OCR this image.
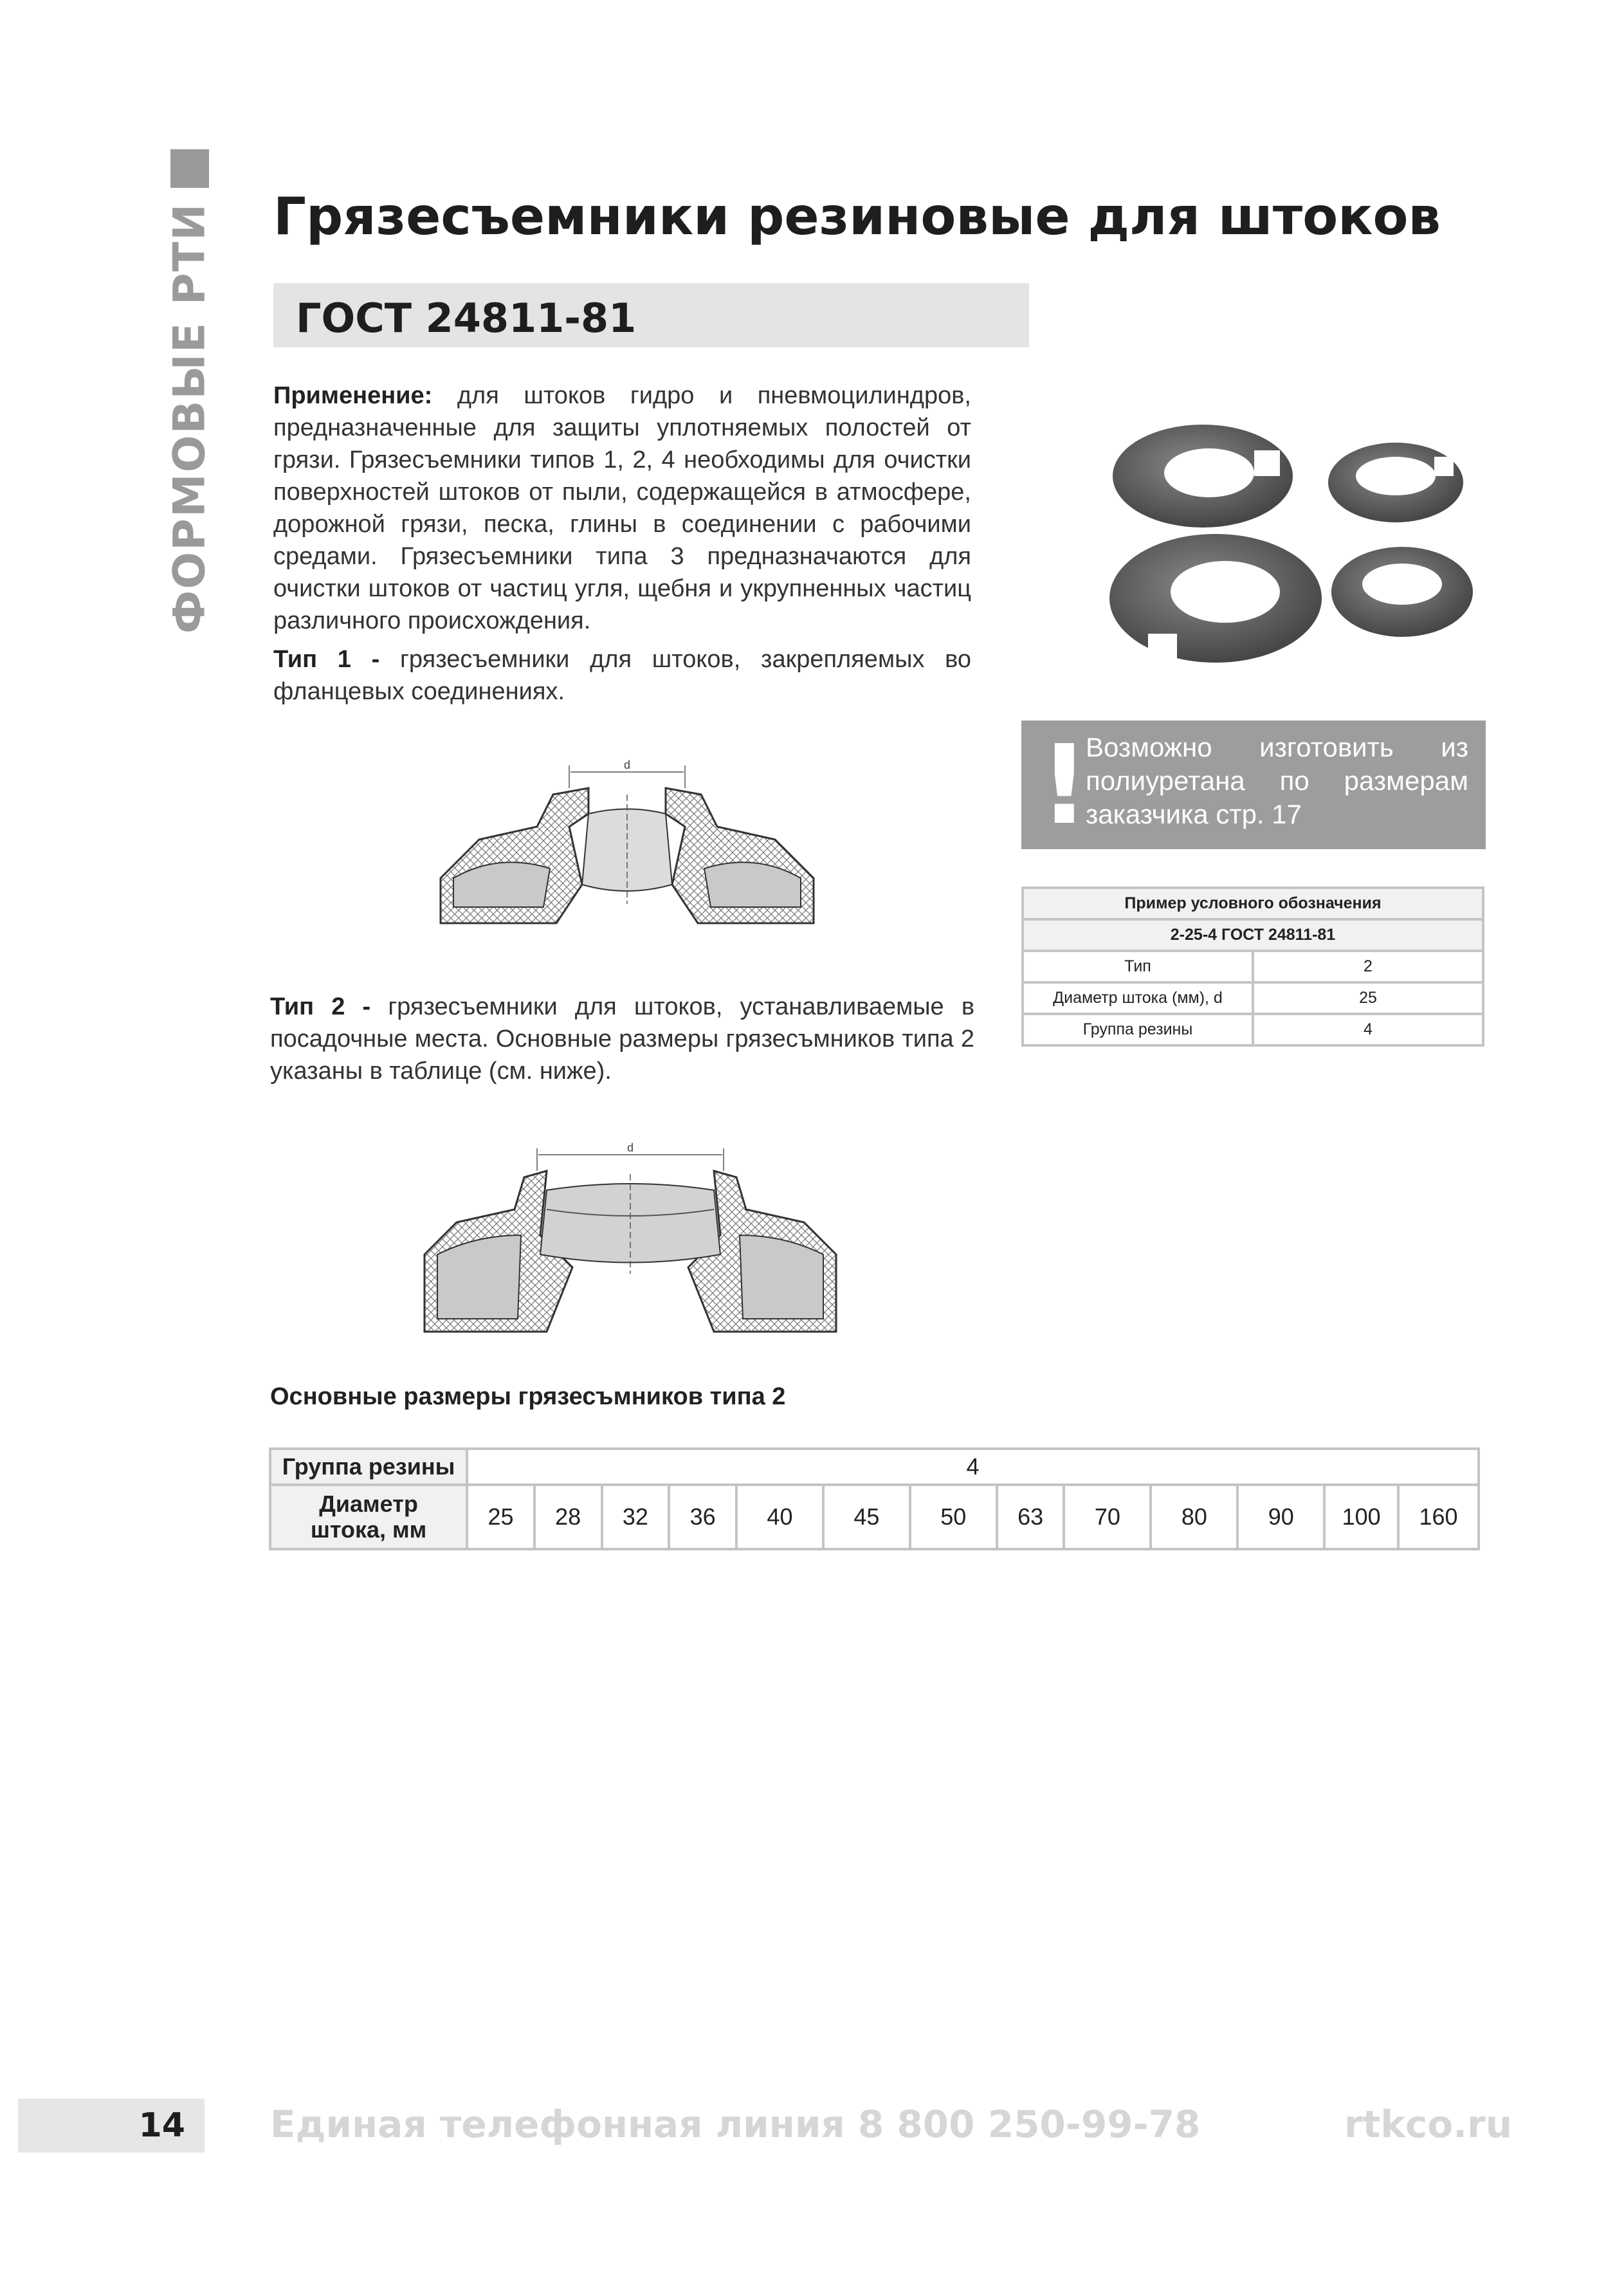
ФОРМОВЫЕ РТИ Грязесъемники резиновые для штоков
ГОСТ 24811-81
Применение: для штоков гидро и пневмоцилиндров, предназначенные для защиты уплотняемых полостей от грязи. Грязесъемники типов 1, 2, 4 необходимы для очистки поверхностей штоков от пыли, содержащейся в атмосфере, дорожной грязи, песка, глины в соединении с рабочими средами. Грязесъемники типа 3 предназначаются для очистки штоков от частиц угля, щебня и укрупненных частиц различного происхождения.
Тип 1 - грязесъемники для штоков, закрепляемых во фланцевых соединениях.
d
Тип 2 - грязесъемники для штоков, устанавливаемые в посадочные места. Основные размеры грязесъмников типа 2 указаны в таблице (см. ниже).
d
!
Возможно изготовить из полиуретана по размерам заказчика стр. 17
Пример условного обозначения	
2-25-4 ГОСТ 24811-81	
Тип	2
Диаметр штока (мм), d	25
Группа резины	4
Основные размеры грязесъмников типа 2
Группа резины	4												
Диаметр
штока, мм	25	28	32	36	40	45	50	63	70	80	90	100	160
14 Единая телефонная линия 8 800 250-99-78	rtkco.ru
